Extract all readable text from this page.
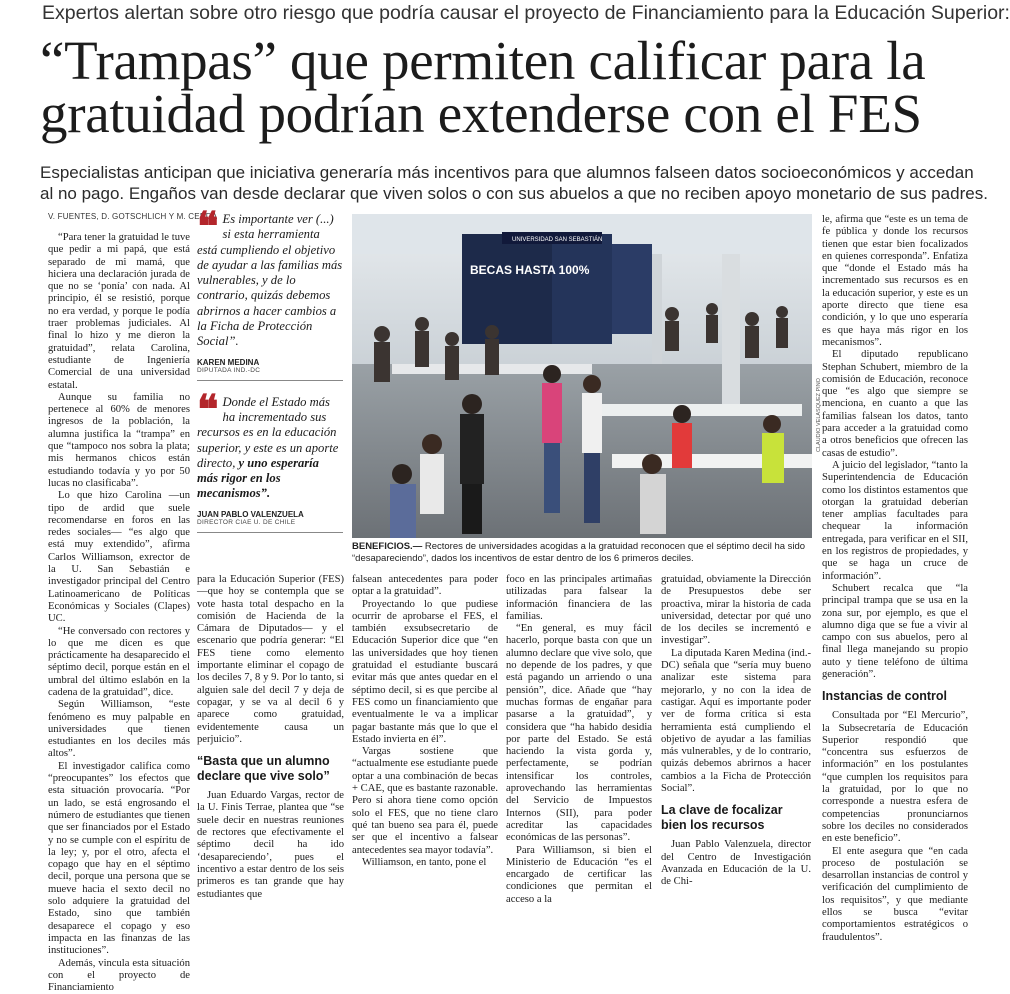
Expertos alertan sobre otro riesgo que podría causar el proyecto de Financiamiento para la Educación Superior:
“Trampas” que permiten calificar para la gratuidad podrían extenderse con el FES
Especialistas anticipan que iniciativa generaría más incentivos para que alumnos falseen datos socioeconómicos y accedan al no pago. Engaños van desde declarar que viven solos o con sus abuelos a que no reciben apoyo monetario de sus padres.
V. FUENTES, D. GOTSCHLICH Y M. CERDA

“Para tener la gratuidad le tuve que pedir a mi papá, que está separado de mi mamá, que hiciera una declaración jurada de que no se ‘ponía’ con nada. Al principio, él se resistió, porque no era verdad, y porque le podía traer problemas judiciales. Al final lo hizo y me dieron la gratuidad”, relata Carolina, estudiante de Ingeniería Comercial de una universidad estatal.

Aunque su familia no pertenece al 60% de menores ingresos de la población, la alumna justifica la “trampa” en que “tampoco nos sobra la plata; mis hermanos chicos están estudiando todavía y yo por 50 lucas no clasificaba”.

Lo que hizo Carolina —un tipo de ardid que suele recomendarse en foros en las redes sociales— “es algo que está muy extendido”, afirma Carlos Williamson, exrector de la U. San Sebastián e investigador principal del Centro Latinoamericano de Políticas Económicas y Sociales (Clapes) UC.

“He conversado con rectores y lo que me dicen es que prácticamente ha desaparecido el séptimo decil, porque están en el umbral del último eslabón en la cadena de la gratuidad”, dice.

Según Williamson, “este fenómeno es muy palpable en universidades que tienen estudiantes en los deciles más altos”.

El investigador califica como “preocupantes” los efectos que esta situación provocaría. “Por un lado, se está engrosando el número de estudiantes que tienen que ser financiados por el Estado y no se cumple con el espíritu de la ley; y, por el otro, afecta el copago que hay en el séptimo decil, porque una persona que se mueve hacia el sexto decil no solo adquiere la gratuidad del Estado, sino que también desaparece el copago y eso impacta en las finanzas de las instituciones”.

Además, vincula esta situación con el proyecto de Financiamiento

❝ Es importante ver (...) si esta herramienta está cumpliendo el objetivo de ayudar a las familias más vulnerables, y de lo contrario, quizás debemos abrirnos a hacer cambios a la Ficha de Protección Social”.
KAREN MEDINA
DIPUTADA IND.-DC
❝ Donde el Estado más ha incrementado sus recursos es en la educación superior, y este es un aporte directo, y uno esperaría más rigor en los mecanismos”.
JUAN PABLO VALENZUELA
DIRECTOR CIAE U. DE CHILE
BECAS HASTA 100%
UNIVERSIDAD SAN SEBASTIÁN
CLAUDIO VELASQUEZ PINO
BENEFICIOS.— Rectores de universidades acogidas a la gratuidad reconocen que el séptimo decil ha sido “desapareciendo”, dados los incentivos de estar dentro de los 6 primeros deciles.

para la Educación Superior (FES) —que hoy se contempla que se vote hasta total despacho en la comisión de Hacienda de la Cámara de Diputados— y el escenario que podría generar: “El FES tiene como elemento importante eliminar el copago de los deciles 7, 8 y 9. Por lo tanto, si alguien sale del decil 7 y deja de copagar, y se va al decil 6 y aparece como gratuidad, evidentemente causa un perjuicio”.

“Basta que un alumno declare que vive solo”

Juan Eduardo Vargas, rector de la U. Finis Terrae, plantea que “se suele decir en nuestras reuniones de rectores que efectivamente el séptimo decil ha ido ‘desapareciendo’, pues el incentivo a estar dentro de los seis primeros es tan grande que hay estudiantes que

falsean antecedentes para poder optar a la gratuidad”.

Proyectando lo que pudiese ocurrir de aprobarse el FES, el también exsubsecretario de Educación Superior dice que “en las universidades que hoy tienen gratuidad el estudiante buscará evitar más que antes quedar en el séptimo decil, si es que percibe al FES como un financiamiento que eventualmente le va a implicar pagar bastante más que lo que el Estado invierta en él”.

Vargas sostiene que “actualmente ese estudiante puede optar a una combinación de becas + CAE, que es bastante razonable. Pero si ahora tiene como opción solo el FES, que no tiene claro qué tan bueno sea para él, puede ser que el incentivo a falsear antecedentes sea mayor todavía”.

Williamson, en tanto, pone el

foco en las principales artimañas utilizadas para falsear la información financiera de las familias.

“En general, es muy fácil hacerlo, porque basta con que un alumno declare que vive solo, que no depende de los padres, y que está pagando un arriendo o una pensión”, dice. Añade que “hay muchas formas de engañar para pasarse a la gratuidad”, y considera que “ha habido desidia por parte del Estado. Se está haciendo la vista gorda y, perfectamente, se podrían intensificar los controles, aprovechando las herramientas del Servicio de Impuestos Internos (SII), para poder acreditar las capacidades económicas de las personas”.

Para Williamson, si bien el Ministerio de Educación “es el encargado de certificar las condiciones que permitan el acceso a la

gratuidad, obviamente la Dirección de Presupuestos debe ser proactiva, mirar la historia de cada universidad, detectar por qué uno de los deciles se incrementó e investigar”.

La diputada Karen Medina (ind.-DC) señala que “sería muy bueno analizar este sistema para mejorarlo, y no con la idea de castigar. Aquí es importante poder ver de forma crítica si esta herramienta está cumpliendo el objetivo de ayudar a las familias más vulnerables, y de lo contrario, quizás debemos abrirnos a hacer cambios a la Ficha de Protección Social”.

La clave de focalizar bien los recursos

Juan Pablo Valenzuela, director del Centro de Investigación Avanzada en Educación de la U. de Chi-

le, afirma que “este es un tema de fe pública y donde los recursos tienen que estar bien focalizados en quienes corresponda”. Enfatiza que “donde el Estado más ha incrementado sus recursos es en la educación superior, y este es un aporte directo que tiene esa condición, y lo que uno esperaría es que haya más rigor en los mecanismos”.

El diputado republicano Stephan Schubert, miembro de la comisión de Educación, reconoce que “es algo que siempre se menciona, en cuanto a que las familias falsean los datos, tanto para acceder a la gratuidad como a otros beneficios que ofrecen las casas de estudio”.

A juicio del legislador, “tanto la Superintendencia de Educación como los distintos estamentos que otorgan la gratuidad deberían tener amplias facultades para chequear la información entregada, para verificar en el SII, en los registros de propiedades, y que se haga un cruce de información”.

Schubert recalca que “la principal trampa que se usa en la zona sur, por ejemplo, es que el alumno diga que se fue a vivir al campo con sus abuelos, pero al final llega manejando su propio auto y tiene teléfono de última generación”.

Instancias de control

Consultada por “El Mercurio”, la Subsecretaría de Educación Superior respondió que “concentra sus esfuerzos de información” en los postulantes “que cumplen los requisitos para la gratuidad, por lo que no corresponde a nuestra esfera de competencias pronunciarnos sobre los deciles no considerados en este beneficio”.

El ente asegura que “en cada proceso de postulación se desarrollan instancias de control y verificación del cumplimiento de los requisitos”, y que mediante ellos se busca “evitar comportamientos estratégicos o fraudulentos”.
